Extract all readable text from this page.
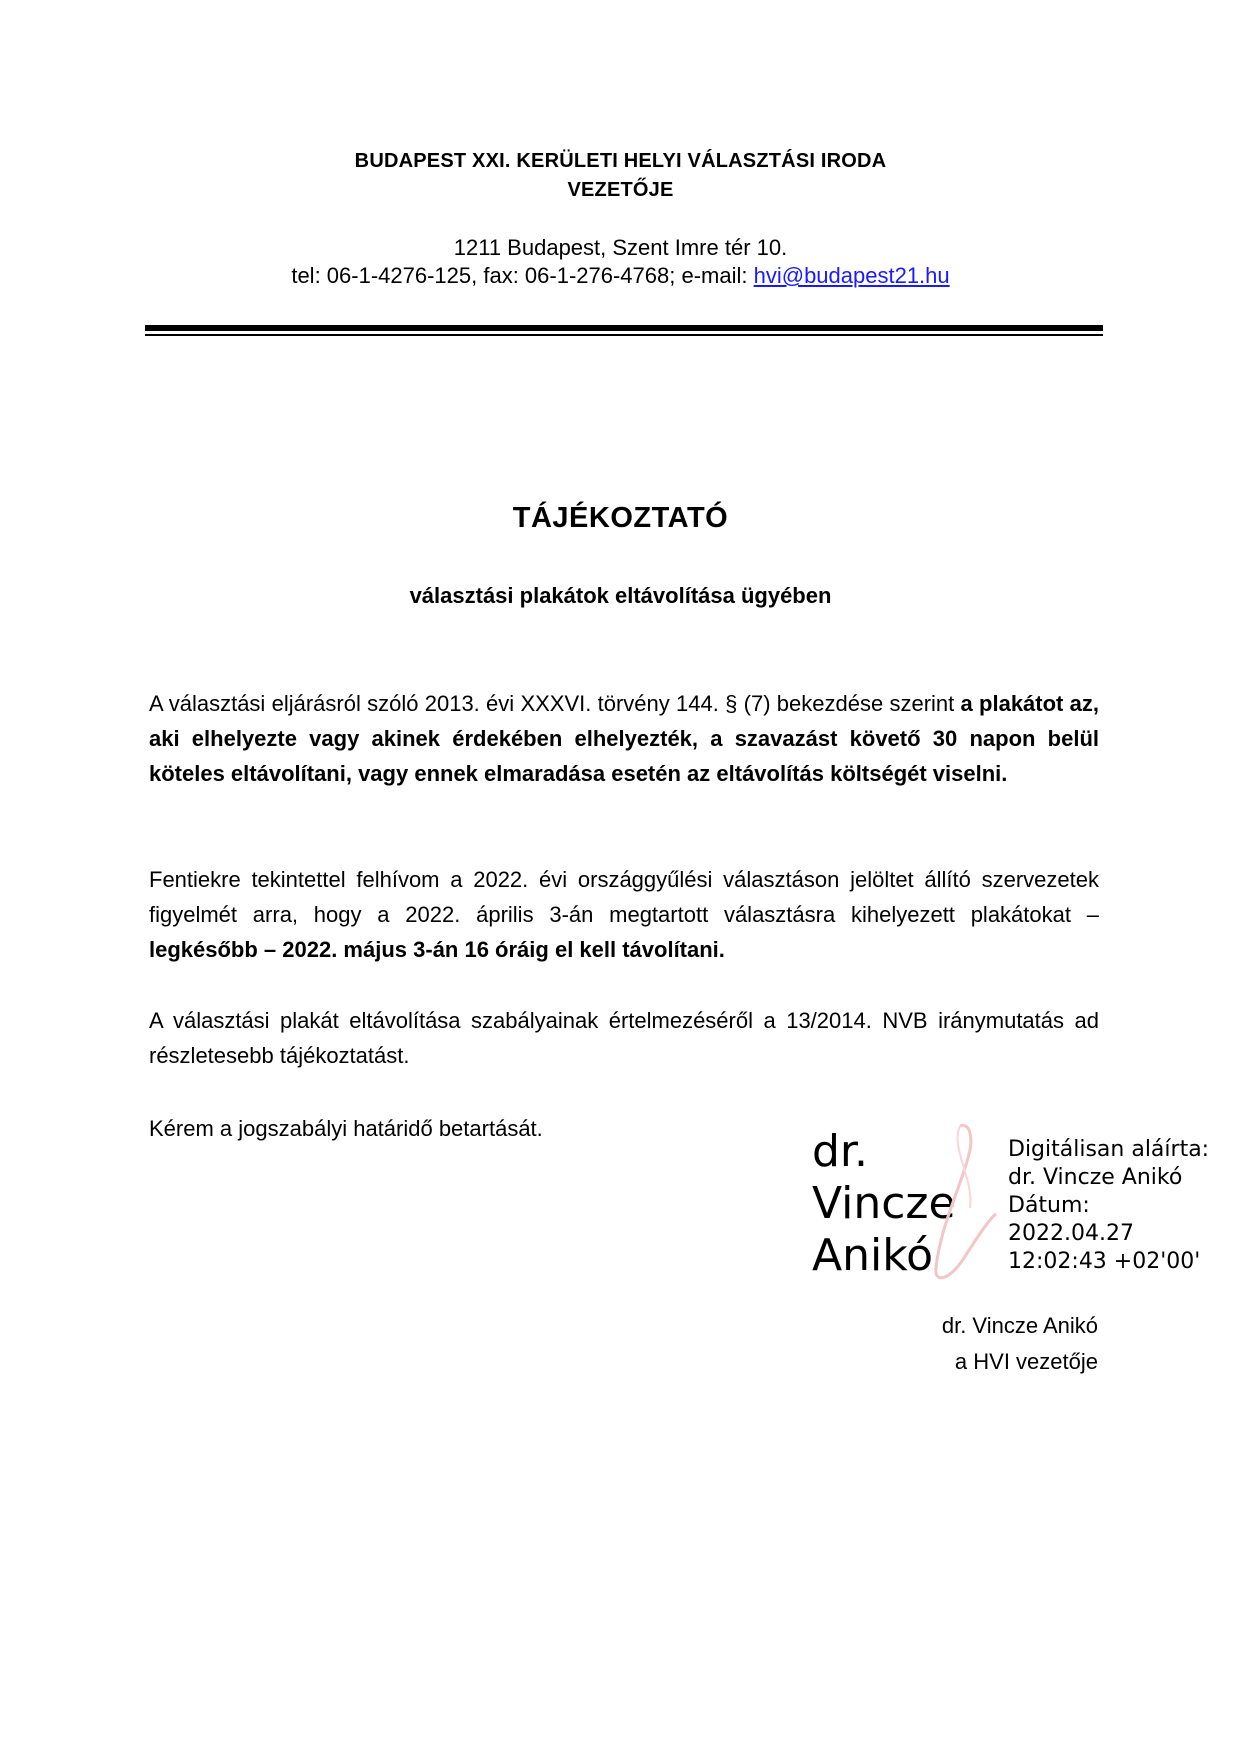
BUDAPEST XXI. KERÜLETI HELYI VÁLASZTÁSI IRODA
VEZETŐJE
1211 Budapest, Szent Imre tér 10.
tel: 06-1-4276-125, fax: 06-1-276-4768; e-mail: hvi@budapest21.hu
TÁJÉKOZTATÓ
választási plakátok eltávolítása ügyében
A választási eljárásról szóló 2013. évi XXXVI. törvény 144. § (7) bekezdése szerint a plakátot az, aki elhelyezte vagy akinek érdekében elhelyezték, a szavazást követő 30 napon belül köteles eltávolítani, vagy ennek elmaradása esetén az eltávolítás költségét viselni.
Fentiekre tekintettel felhívom a 2022. évi országgyűlési választáson jelöltet állító szervezetek figyelmét arra, hogy a 2022. április 3-án megtartott választásra kihelyezett plakátokat – legkésőbb – 2022. május 3-án 16 óráig el kell távolítani.
A választási plakát eltávolítása szabályainak értelmezéséről a 13/2014. NVB iránymutatás ad részletesebb tájékoztatást.
Kérem a jogszabályi határidő betartását.	dr.
Vincze
Anikó
Digitálisan aláírta:
dr. Vincze Anikó
Dátum:
2022.04.27
12:02:43 +02'00'
dr. Vincze Anikó
a HVI vezetője
